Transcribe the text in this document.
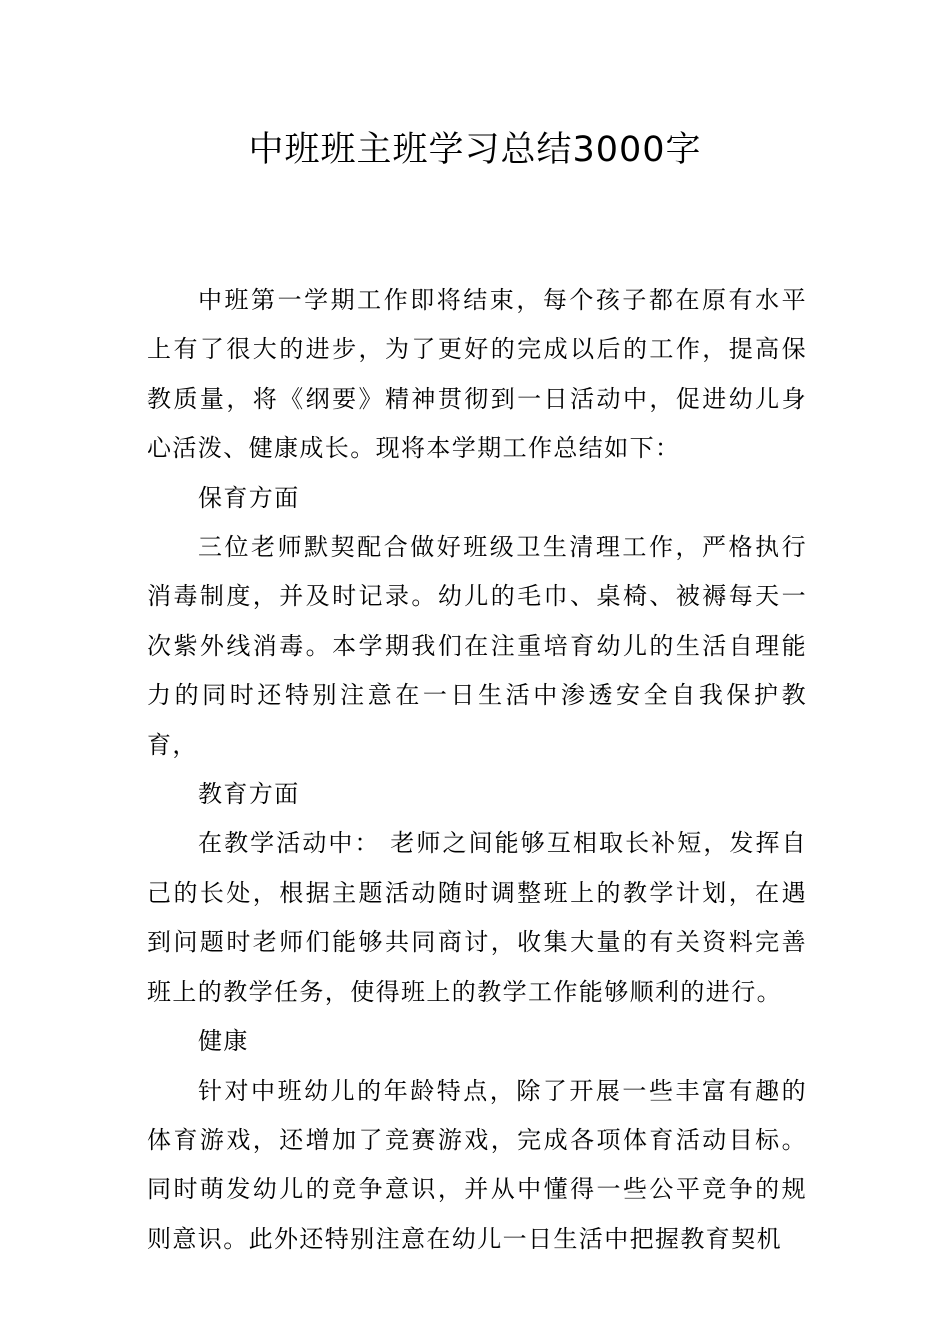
中班班主班学习总结3000字

中班第一学期工作即将结束，每个孩子都在原有水平上有了很大的进步，为了更好的完成以后的工作，提高保教质量，将《纲要》精神贯彻到一日活动中，促进幼儿身心活泼、健康成长。现将本学期工作总结如下：

保育方面

三位老师默契配合做好班级卫生清理工作，严格执行消毒制度，并及时记录。幼儿的毛巾、桌椅、被褥每天一次紫外线消毒。本学期我们在注重培育幼儿的生活自理能力的同时还特别注意在一日生活中渗透安全自我保护教育，

教育方面

在教学活动中： 老师之间能够互相取长补短，发挥自己的长处，根据主题活动随时调整班上的教学计划，在遇到问题时老师们能够共同商讨，收集大量的有关资料完善班上的教学任务，使得班上的教学工作能够顺利的进行。

健康

针对中班幼儿的年龄特点，除了开展一些丰富有趣的体育游戏，还增加了竞赛游戏，完成各项体育活动目标。同时萌发幼儿的竞争意识，并从中懂得一些公平竞争的规则意识。此外还特别注意在幼儿一日生活中把握教育契机
